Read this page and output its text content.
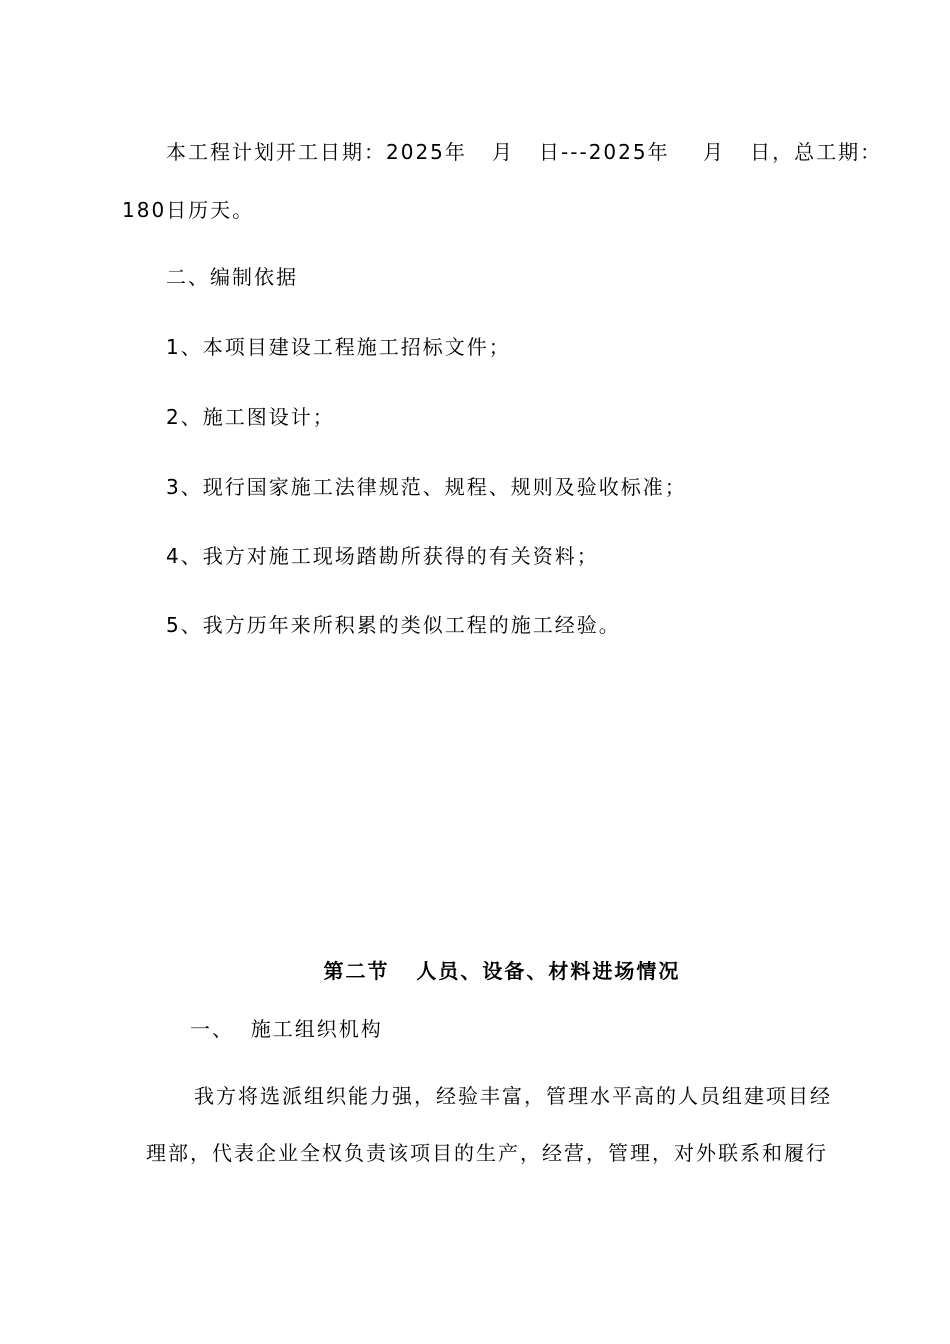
本工程计划开工日期：2025年   月   日---2025年    月   日，总工期：
180日历天。
二、编制依据
1、本项目建设工程施工招标文件；
2、施工图设计；
3、现行国家施工法律规范、规程、规则及验收标准；
4、我方对施工现场踏勘所获得的有关资料；
5、我方历年来所积累的类似工程的施工经验。
第二节   人员、设备、材料进场情况
一、  施工组织机构
我方将选派组织能力强，经验丰富，管理水平高的人员组建项目经
理部，代表企业全权负责该项目的生产，经营，管理，对外联系和履行
